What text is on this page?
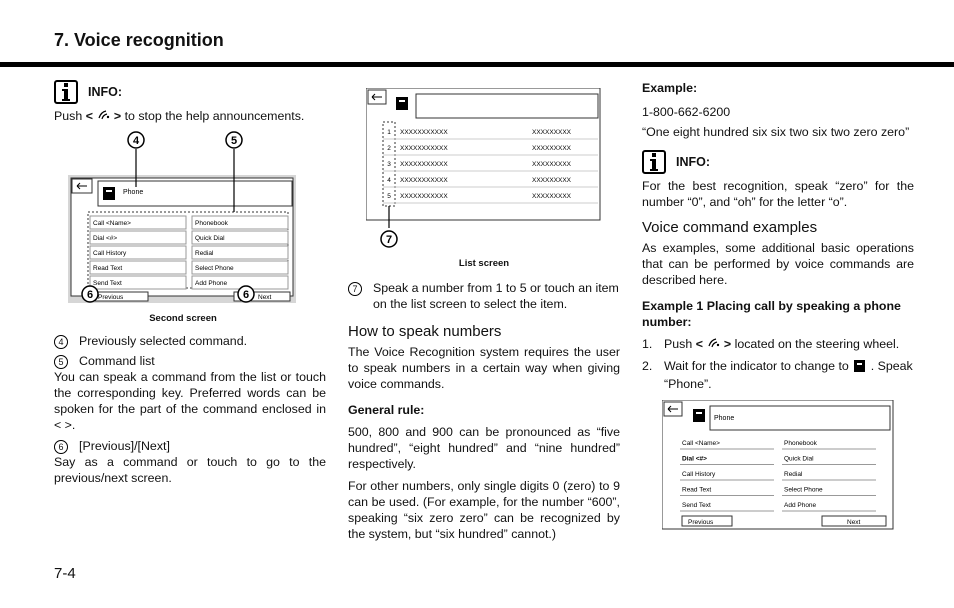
7. Voice recognition
INFO:

Push < > to stop the help announcements.

Phone
Call <Name>	Phonebook
Dial <#>	Quick Dial
Call History	Redial
Read Text	Select Phone
Send Text	Add Phone
Previous	Next
4	5
6	6
Second screen
4	Previously selected command.
5	Command list

You can speak a command from the list or touch the corresponding key. Preferred words can be spoken for the part of the command enclosed in < >.

6	[Previous]/[Next]

Say as a command or touch to go to the previous/next screen.

1 XXXXXXXXXXX	XXXXXXXXX
2 XXXXXXXXXXX	XXXXXXXXX
3 XXXXXXXXXXX	XXXXXXXXX
4 XXXXXXXXXXX	XXXXXXXXX
5 XXXXXXXXXXX	XXXXXXXXX
7
List screen
7	Speak a number from 1 to 5 or touch an item on the list screen to select the item.
How to speak numbers

The Voice Recognition system requires the user to speak numbers in a certain way when giving voice commands.

General rule:

500, 800 and 900 can be pronounced as “five hundred”, “eight hundred” and “nine hundred” respectively.

For other numbers, only single digits 0 (zero) to 9 can be used. (For example, for the number “600”, speaking “six zero zero” can be recognized by the system, but “six hundred” cannot.)

Example:

1-800-662-6200

“One eight hundred six six two six two zero zero”

INFO:

For the best recognition, speak “zero” for the number “0”, and “oh” for the letter “o”.

Voice command examples

As examples, some additional basic operations that can be performed by voice commands are described here.

Example 1 Placing call by speaking a phone number:
1. Push < > located on the steering wheel.
2. Wait for the indicator to change to . Speak “Phone”.
Phone
Call <Name>	Phonebook
Dial <#>	Quick Dial
Call History	Redial
Read Text	Select Phone
Send Text	Add Phone
Previous	Next
7-4
